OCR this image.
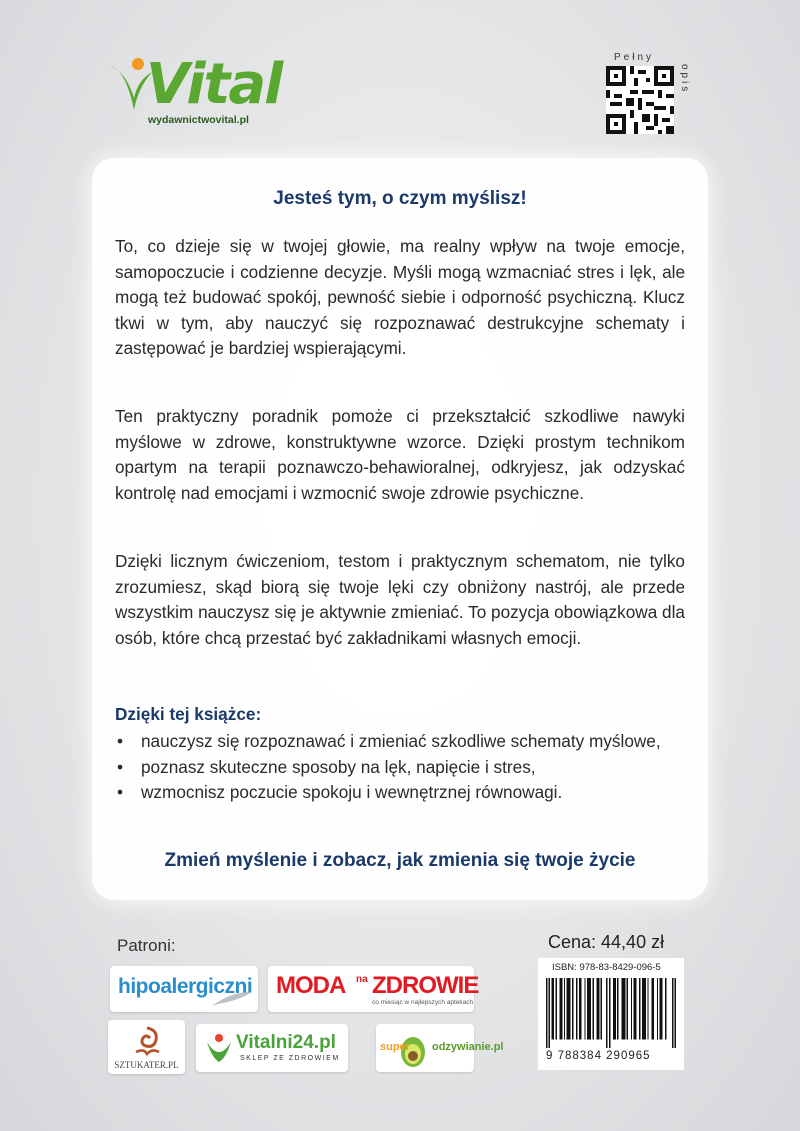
Vital
wydawnictwovital.pl
Pełny
opis
Jesteś tym, o czym myślisz!

To, co dzieje się w twojej głowie, ma realny wpływ na twoje emocje, samopoczucie i codzienne decyzje. Myśli mogą wzmacniać stres i lęk, ale mogą też budować spokój, pewność siebie i odporność psychiczną. Klucz tkwi w tym, aby nauczyć się rozpoznawać destrukcyjne schematy i zastępować je bardziej wspierającymi.

Ten praktyczny poradnik pomoże ci przekształcić szkodliwe nawyki myślowe w zdrowe, konstruktywne wzorce. Dzięki prostym technikom opartym na terapii poznawczo-behawioralnej, odkryjesz, jak odzyskać kontrolę nad emocjami i wzmocnić swoje zdrowie psychiczne.

Dzięki licznym ćwiczeniom, testom i praktycznym schematom, nie tylko zrozumiesz, skąd biorą się twoje lęki czy obniżony nastrój, ale przede wszystkim nauczysz się je aktywnie zmieniać. To pozycja obowiązkowa dla osób, które chcą przestać być zakładnikami własnych emocji.

Dzięki tej książce:
• nauczysz się rozpoznawać i zmieniać szkodliwe schematy myślowe,
• poznasz skuteczne sposoby na lęk, napięcie i stres,
• wzmocnisz poczucie spokoju i wewnętrznej równowagi.
Zmień myślenie i zobacz, jak zmienia się twoje życie
Patroni:	Cena: 44,40 zł
ISBN: 978-83-8429-096-5
9 788384 290965
hipoalergiczni MODA na ZDROWIE
co miesiąc w najlepszych aptekach
SZTUKATER.PL
Vitalni24.pl
SKLEP ZE ZDROWIEM
super odzywianie.pl
